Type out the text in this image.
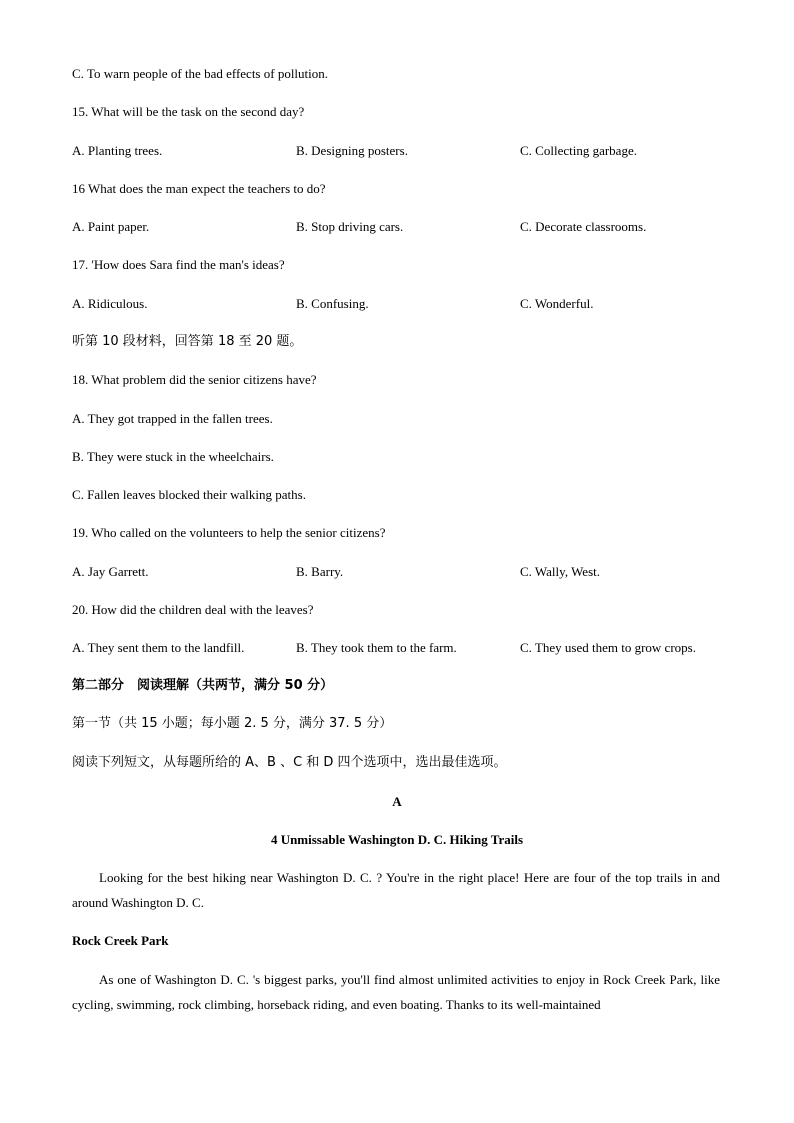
C. To warn people of the bad effects of pollution.
15. What will be the task on the second day?
A. Planting trees.	B. Designing posters.	C. Collecting garbage.
16 What does the man expect the teachers to do?
A. Paint paper.	B. Stop driving cars.	C. Decorate classrooms.
17. 'How does Sara find the man's ideas?
A. Ridiculous.	B. Confusing.	C. Wonderful.
听第 10 段材料，回答第 18 至 20 题。
18. What problem did the senior citizens have?
A. They got trapped in the fallen trees.
B. They were stuck in the wheelchairs.
C. Fallen leaves blocked their walking paths.
19. Who called on the volunteers to help the senior citizens?
A. Jay Garrett.	B. Barry.	C. Wally, West.
20. How did the children deal with the leaves?
A. They sent them to the landfill.	B. They took them to the farm.	C. They used them to grow crops.
第二部分　阅读理解（共两节，满分 50 分）
第一节（共 15 小题；每小题 2. 5 分，满分 37. 5 分）
阅读下列短文，从每题所给的 A、B 、C 和 D 四个选项中，选出最佳选项。
A
4 Unmissable Washington D. C. Hiking Trails
Looking for the best hiking near Washington D. C. ? You're in the right place! Here are four of the top trails in and around Washington D. C.
Rock Creek Park
As one of Washington D. C. 's biggest parks, you'll find almost unlimited activities to enjoy in Rock Creek Park, like cycling, swimming, rock climbing, horseback riding, and even boating. Thanks to its well-maintained
